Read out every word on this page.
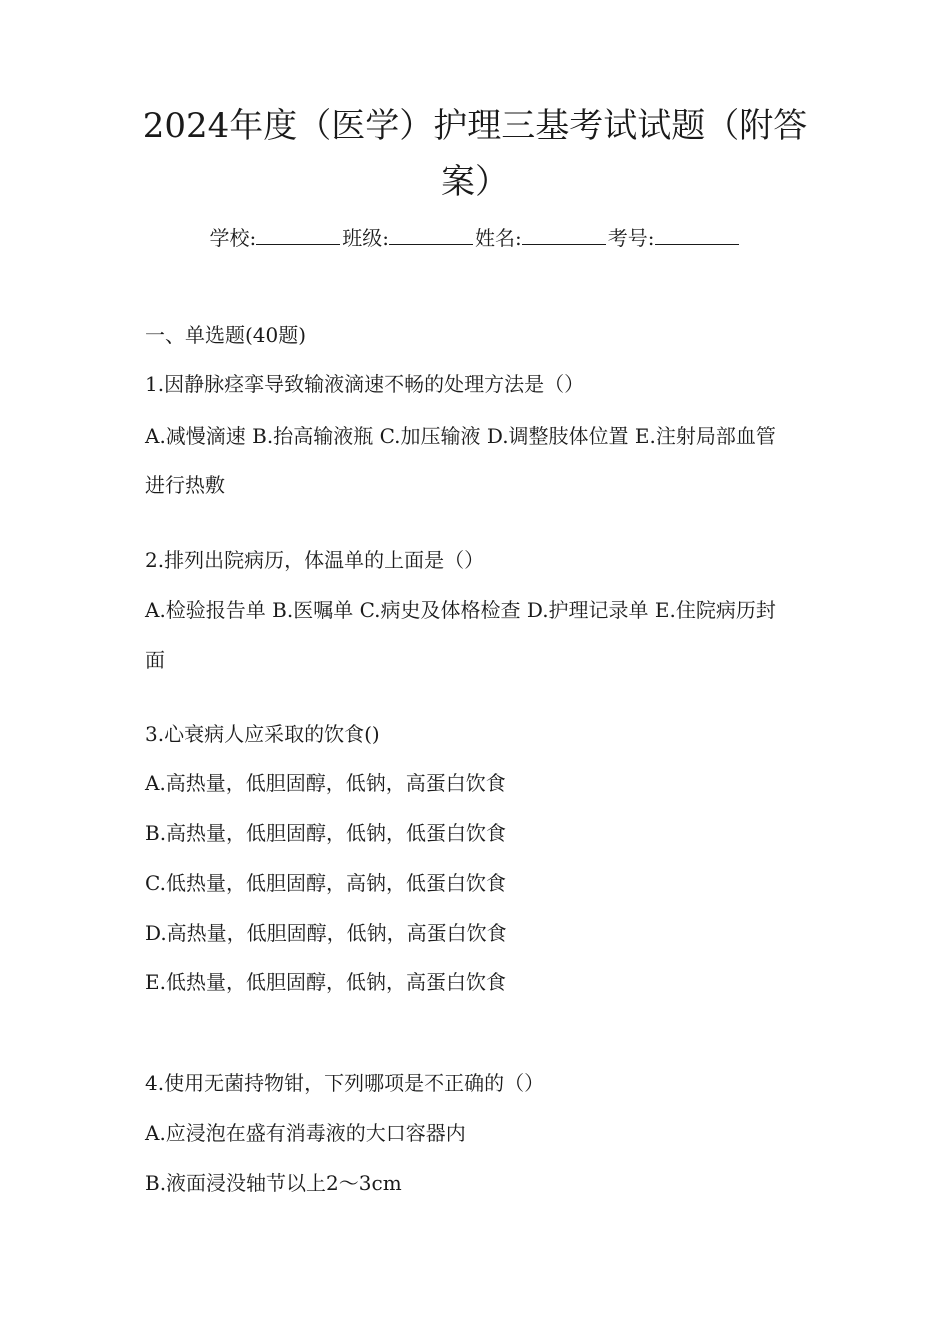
2024年度（医学）护理三基考试试题（附答
案）
学校:	班级:	姓名:	考号:

一、单选题(40题)

1.因静脉痉挛导致输液滴速不畅的处理方法是（）

A.减慢滴速 B.抬高输液瓶 C.加压输液 D.调整肢体位置 E.注射局部血管

进行热敷

2.排列出院病历，体温单的上面是（）

A.检验报告单 B.医嘱单 C.病史及体格检查 D.护理记录单 E.住院病历封

面

3.心衰病人应采取的饮食()

A.高热量，低胆固醇，低钠，高蛋白饮食

B.高热量，低胆固醇，低钠，低蛋白饮食

C.低热量，低胆固醇，高钠，低蛋白饮食

D.高热量，低胆固醇，低钠，高蛋白饮食

E.低热量，低胆固醇，低钠，高蛋白饮食

4.使用无菌持物钳，下列哪项是不正确的（）

A.应浸泡在盛有消毒液的大口容器内

B.液面浸没轴节以上2～3cm
